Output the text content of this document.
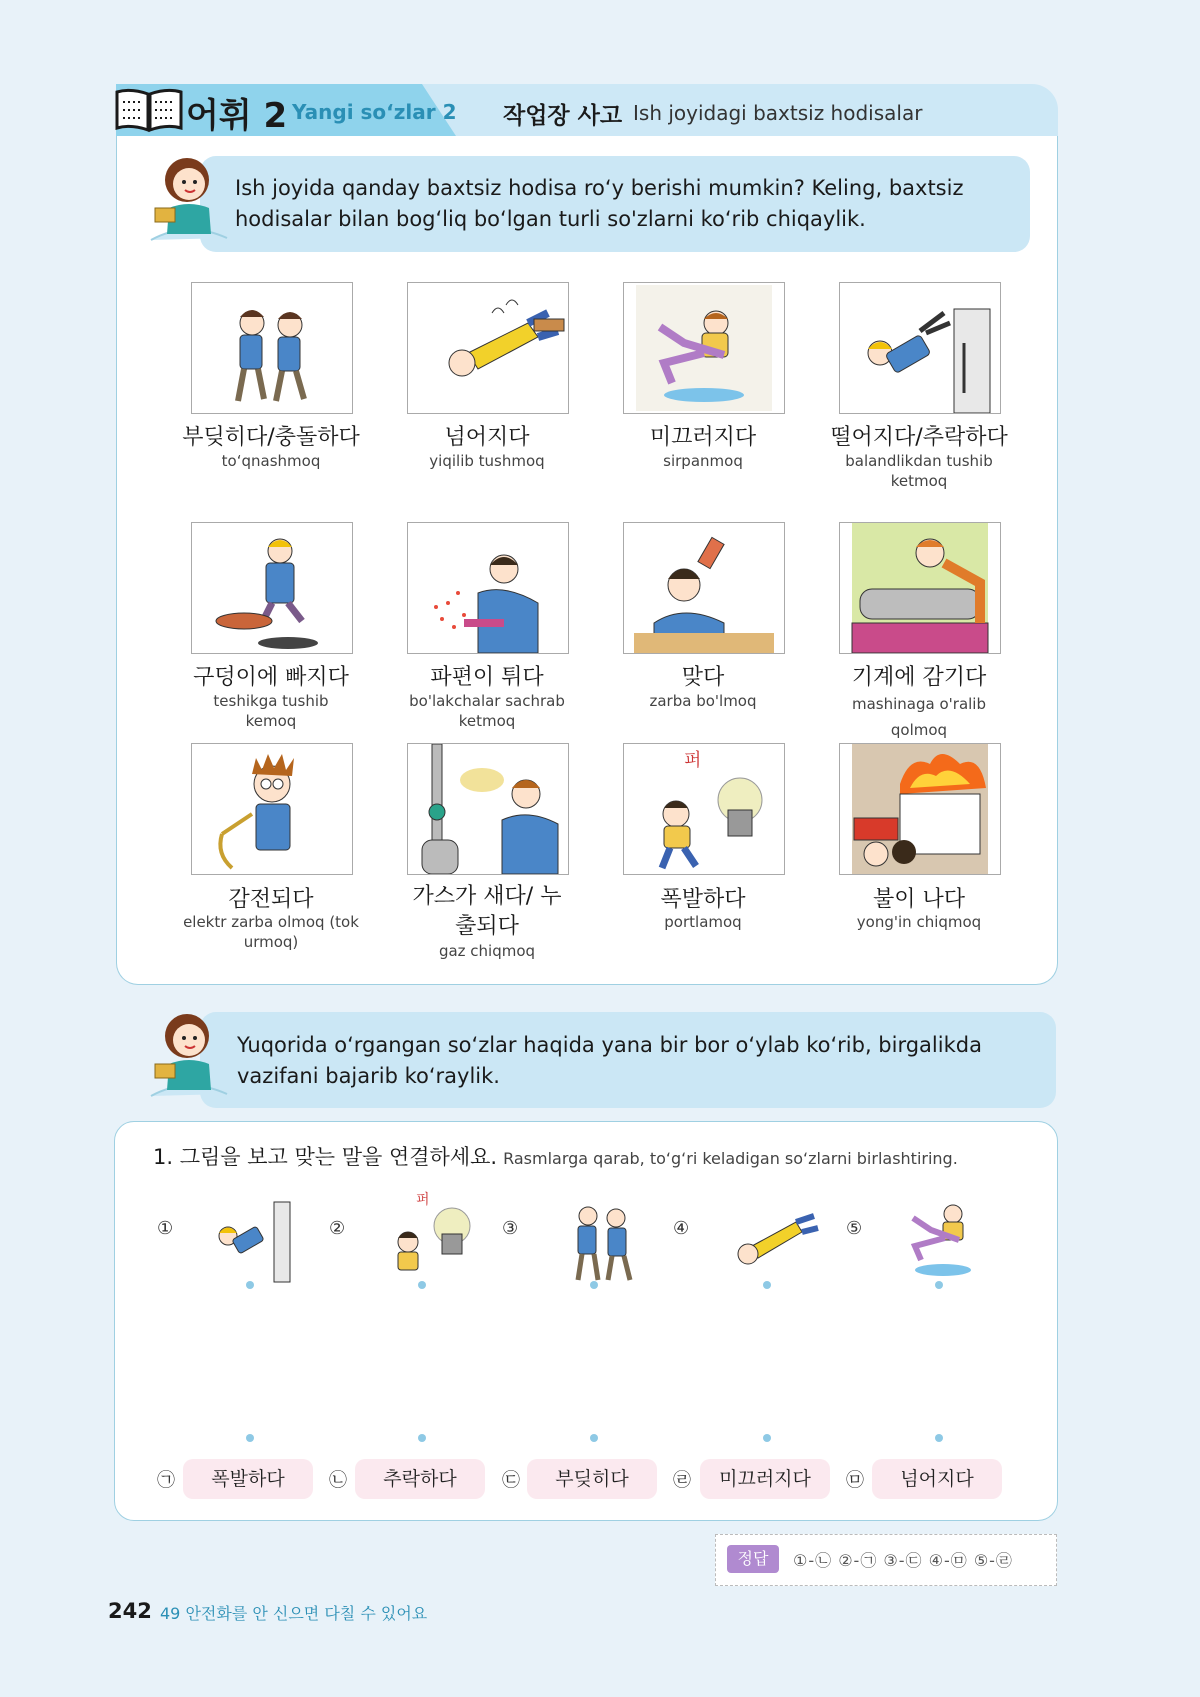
어휘 2 Yangi so‘zlar 2 작업장 사고 Ish joyidagi baxtsiz hodisalar
Ish joyida qanday baxtsiz hodisa ro‘y berishi mumkin? Keling, baxtsiz hodisalar bilan bog‘liq bo‘lgan turli so'zlarni ko‘rib chiqaylik.
부딪히다/충돌하다
to‘qnashmoq
넘어지다
yiqilib tushmoq
미끄러지다
sirpanmoq
떨어지다/추락하다
balandlikdan tushib ketmoq
구덩이에 빠지다
teshikga tushib kemoq
파편이 튀다
bo'lakchalar sachrab ketmoq
맞다
zarba bo'lmoq
기계에 감기다
mashinaga o'ralib qolmoq
퍼
감전되다
elektr zarba olmoq (tok urmoq)
가스가 새다/ 누출되다
gaz chiqmoq
폭발하다
portlamoq
불이 나다
yong'in chiqmoq
Yuqorida o‘rgangan so‘zlar haqida yana bir bor o‘ylab ko‘rib, birgalikda vazifani bajarib ko‘raylik.
1. 그림을 보고 맞는 말을 연결하세요. Rasmlarga qarab, to‘g‘ri keladigan so‘zlarni birlashtiring.
①	②	③	④	⑤
퍼
㉠	폭발하다	㉡	추락하다	㉢	부딪히다	㉣	미끄러지다	㉤	넘어지다
정답	①-㉡ ②-㉠ ③-㉢ ④-㉤ ⑤-㉣
242 49 안전화를 안 신으면 다칠 수 있어요
